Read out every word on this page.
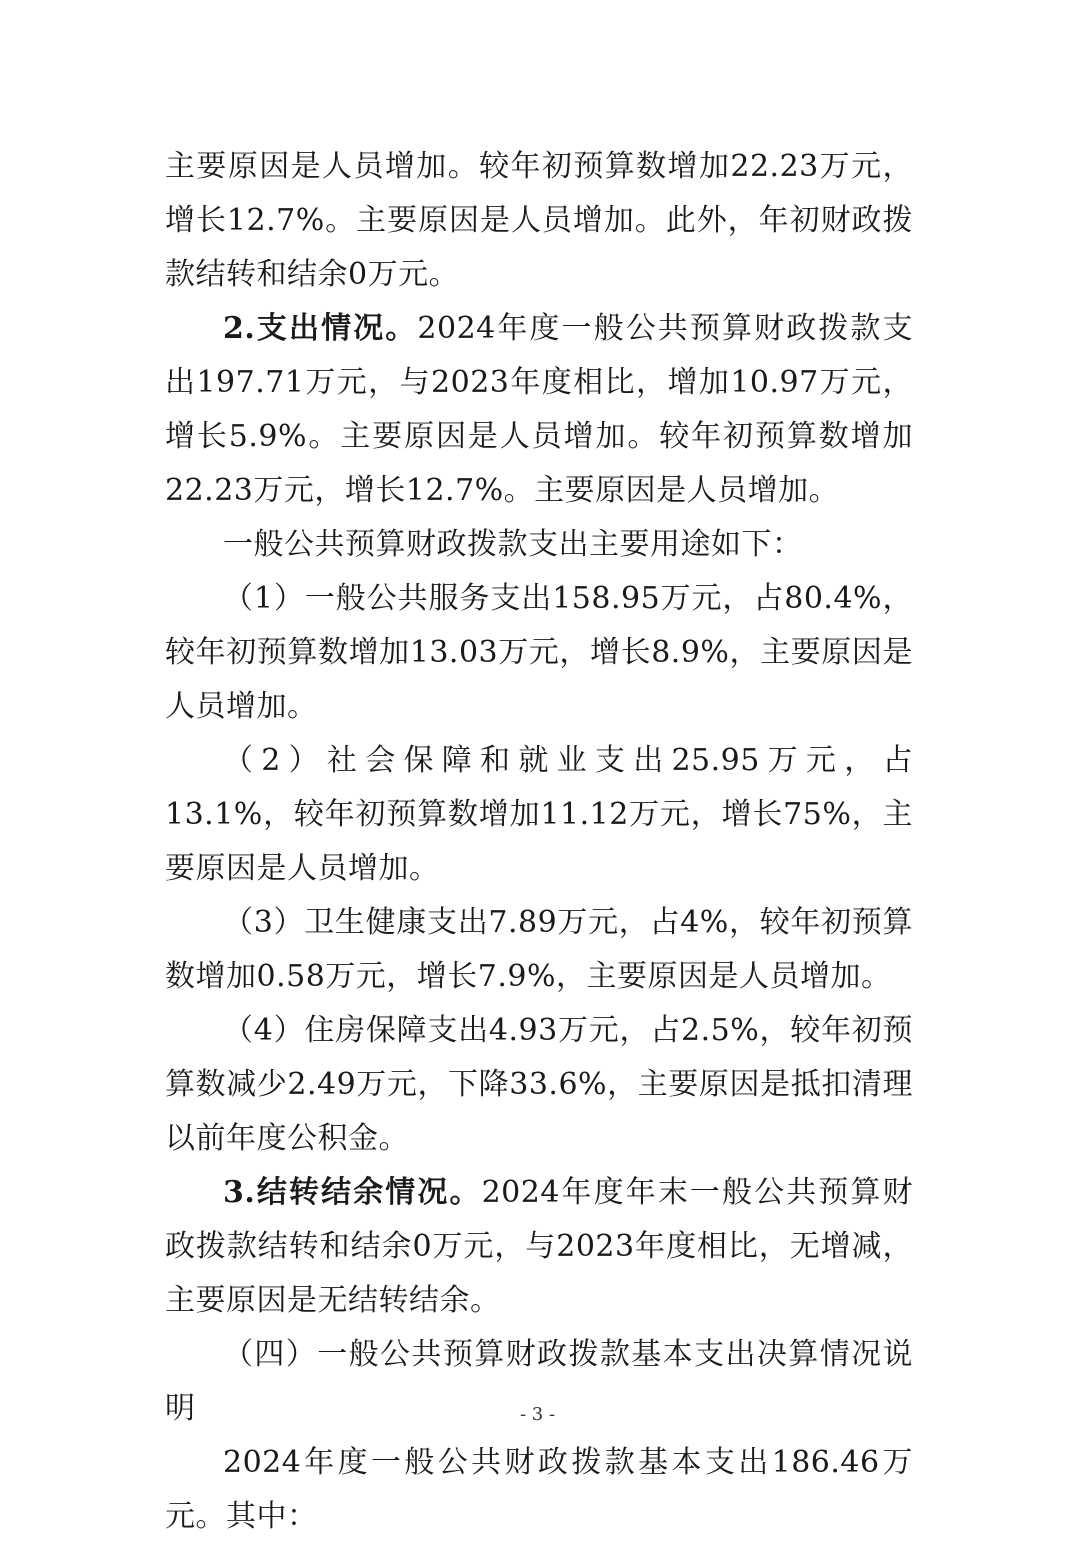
主要原因是人员增加。较年初预算数增加22.23万元，增长12.7%。主要原因是人员增加。此外，年初财政拨款结转和结余0万元。

2.支出情况。2024年度一般公共预算财政拨款支出197.71万元，与2023年度相比，增加10.97万元，增长5.9%。主要原因是人员增加。较年初预算数增加22.23万元，增长12.7%。主要原因是人员增加。

一般公共预算财政拨款支出主要用途如下：

（1）一般公共服务支出158.95万元，占80.4%，较年初预算数增加13.03万元，增长8.9%，主要原因是人员增加。

（2）社会保障和就业支出25.95万元，占13.1%，较年初预算数增加11.12万元，增长75%，主要原因是人员增加。

（3）卫生健康支出7.89万元，占4%，较年初预算数增加0.58万元，增长7.9%，主要原因是人员增加。

（4）住房保障支出4.93万元，占2.5%，较年初预算数减少2.49万元，下降33.6%，主要原因是抵扣清理以前年度公积金。

3.结转结余情况。2024年度年末一般公共预算财政拨款结转和结余0万元，与2023年度相比，无增减，主要原因是无结转结余。

（四）一般公共预算财政拨款基本支出决算情况说明

2024年度一般公共财政拨款基本支出186.46万元。其中：

- 3 -
